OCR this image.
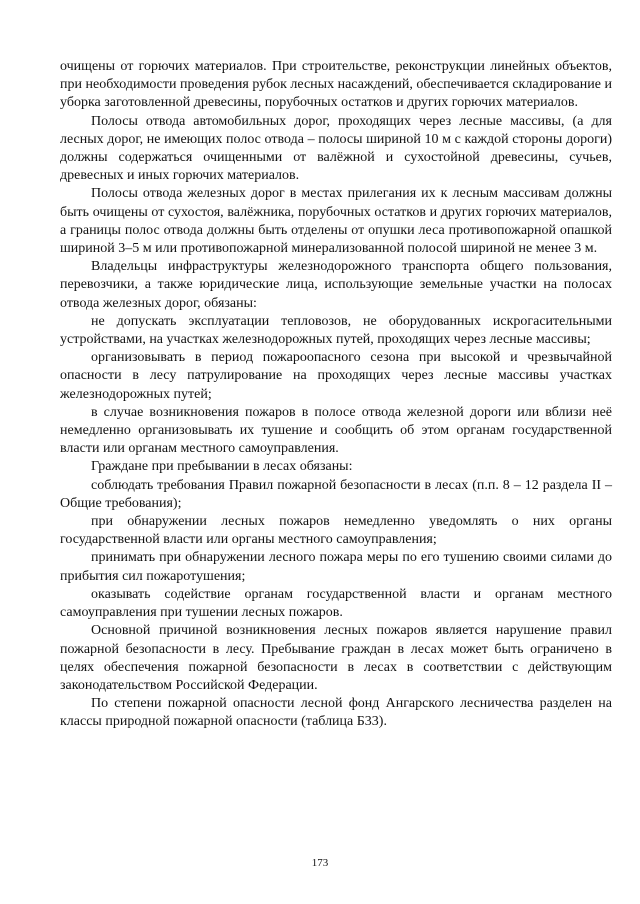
очищены от горючих материалов. При строительстве, реконструкции линейных объектов, при необходимости проведения рубок лесных насаждений, обеспечивается складирование и уборка заготовленной древесины, порубочных остатков и других горючих материалов.

Полосы отвода автомобильных дорог, проходящих через лесные массивы, (а для лесных дорог, не имеющих полос отвода – полосы шириной 10 м с каждой стороны дороги) должны содержаться очищенными от валёжной и сухостойной древесины, сучьев, древесных и иных горючих материалов.

Полосы отвода железных дорог в местах прилегания их к лесным массивам должны быть очищены от сухостоя, валёжника, порубочных остатков и других горючих материалов, а границы полос отвода должны быть отделены от опушки леса противопожарной опашкой шириной 3–5 м или противопожарной минерализованной полосой шириной не менее 3 м.

Владельцы инфраструктуры железнодорожного транспорта общего пользования, перевозчики, а также юридические лица, использующие земельные участки на полосах отвода железных дорог, обязаны:

не допускать эксплуатации тепловозов, не оборудованных искрогасительными устройствами, на участках железнодорожных путей, проходящих через лесные массивы;

организовывать в период пожароопасного сезона при высокой и чрезвычайной опасности в лесу патрулирование на проходящих через лесные массивы участках железнодорожных путей;

в случае возникновения пожаров в полосе отвода железной дороги или вблизи неё немедленно организовывать их тушение и сообщить об этом органам государственной власти или органам местного самоуправления.

Граждане при пребывании в лесах обязаны:

соблюдать требования Правил пожарной безопасности в лесах (п.п. 8 – 12 раздела II – Общие требования);

при обнаружении лесных пожаров немедленно уведомлять о них органы государственной власти или органы местного самоуправления;

принимать при обнаружении лесного пожара меры по его тушению своими силами до прибытия сил пожаротушения;

оказывать содействие органам государственной власти и органам местного самоуправления при тушении лесных пожаров.

Основной причиной возникновения лесных пожаров является нарушение правил пожарной безопасности в лесу. Пребывание граждан в лесах может быть ограничено в целях обеспечения пожарной безопасности в лесах в соответствии с действующим законодательством Российской Федерации.

По степени пожарной опасности лесной фонд Ангарского лесничества разделен на классы природной пожарной опасности (таблица Б33).

173
